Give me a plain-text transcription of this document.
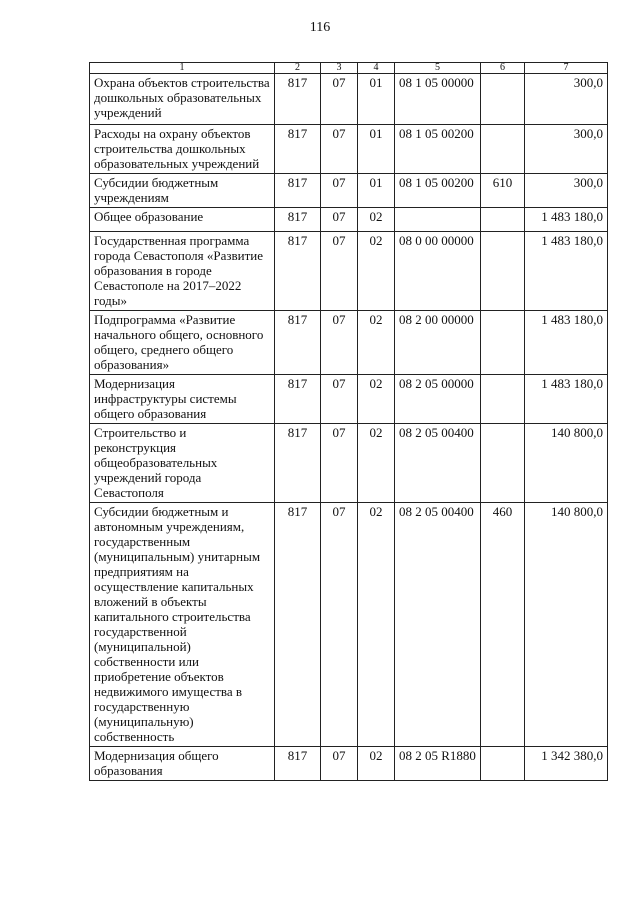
116
1	2	3	4	5	6	7
Охрана объектов строительства дошкольных образовательных учреждений	817	07	01	08 1 05 00000		300,0
Расходы на охрану объектов строительства дошкольных образовательных учреждений	817	07	01	08 1 05 00200		300,0
Субсидии бюджетным учреждениям	817	07	01	08 1 05 00200	610	300,0
Общее образование	817	07	02			1 483 180,0
Государственная программа города Севастополя «Развитие образования в городе Севастополе на 2017–2022 годы»	817	07	02	08 0 00 00000		1 483 180,0
Подпрограмма «Развитие начального общего, основного общего, среднего общего образования»	817	07	02	08 2 00 00000		1 483 180,0
Модернизация инфраструктуры системы общего образования	817	07	02	08 2 05 00000		1 483 180,0
Строительство и реконструкция общеобразовательных учреждений города Севастополя	817	07	02	08 2 05 00400		140 800,0
Субсидии бюджетным и автономным учреждениям, государственным (муниципальным) унитарным предприятиям на осуществление капитальных вложений в объекты капитального строительства государственной (муниципальной) собственности или приобретение объектов недвижимого имущества в государственную (муниципальную) собственность	817	07	02	08 2 05 00400	460	140 800,0
Модернизация общего образования	817	07	02	08 2 05 R1880		1 342 380,0
